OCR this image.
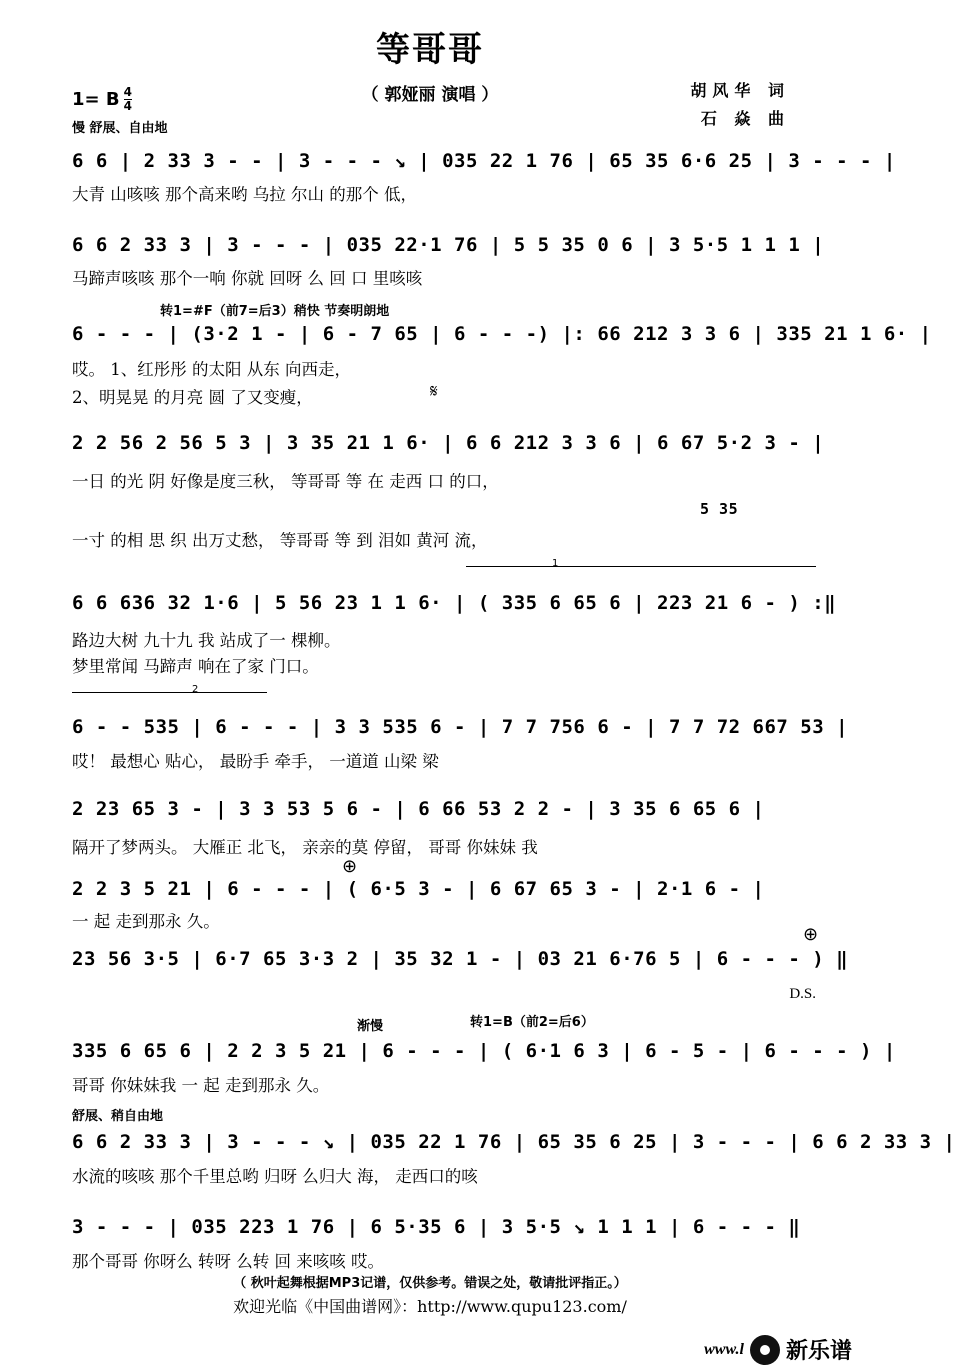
等哥哥
（ 郭娅丽 演唱 ）	胡风华 词
石 焱 曲
1= B $\frac{4}{4}$
慢 舒展、自由地
6 6 | 2 33 3 - - | 3 - - - ↘ | 035 22 1 76 | 65 35 6·6 25 | 3 - - - |
大青 山咳咳 那个高来哟 乌拉 尔山 的那个 低，
6 6 2 33 3 | 3 - - - | 035 22·1 76 | 5 5 35 0 6 | 3 5·5 1 1 1 |
马蹄声咳咳 那个一响 你就 回呀 么 回 口 里咳咳
转1=#F（前7=后3）稍快 节奏明朗地
6 - - - | (3·2 1 - | 6 - 7 65 | 6 - - -) |: 66 212 3 3 6 | 335 21 1 6· |
哎。 1、红彤彤 的太阳 从东 向西走，
2、明晃晃 的月亮 圆 了又变瘦，	𝄋
2 2 56 2 56 5 3 | 3 35 21 1 6· | 6 6 212 3 3 6 | 6 67 5·2 3 - |
一日 的光 阴 好像是度三秋， 等哥哥 等 在 走西 口 的口，
5 35
一寸 的相 思 织 出万丈愁， 等哥哥 等 到 泪如 黄河 流，
1
6 6 636 32 1·6 | 5 56 23 1 1 6· | ( 335 6 65 6 | 223 21 6 - ) :‖
路边大树 九十九 我 站成了一 棵柳。
梦里常闻 马蹄声 响在了家 门口。
2
6 - - 535 | 6 - - - | 3 3 535 6 - | 7 7 756 6 - | 7 7 72 667 53 |
哎！ 最想心 贴心， 最盼手 牵手， 一道道 山梁 梁
2 23 65 3 - | 3 3 53 5 6 - | 6 66 53 2 2 - | 3 35 6 65 6 |
隔开了梦两头。 大雁正 北飞， 亲亲的莫 停留， 哥哥 你妹妹 我
⊕
2 2 3 5 21 | 6 - - - | ( 6·5 3 - | 6 67 65 3 - | 2·1 6 - |
一 起 走到那永 久。
⊕
23 56 3·5 | 6·7 65 3·3 2 | 35 32 1 - | 03 21 6·76 5 | 6 - - - ) ‖
D.S.
渐慢	转1=B（前2=后6）
335 6 65 6 | 2 2 3 5 21 | 6 - - - | ( 6·1 6 3 | 6 - 5 - | 6 - - - ) |
哥哥 你妹妹我 一 起 走到那永 久。
舒展、稍自由地
6 6 2 33 3 | 3 - - - ↘ | 035 22 1 76 | 65 35 6 25 | 3 - - - | 6 6 2 33 3 |
水流的咳咳 那个千里总哟 归呀 么归大 海， 走西口的咳
3 - - - | 035 223 1 76 | 6 5·35 6 | 3 5·5 ↘ 1 1 1 | 6 - - - ‖
那个哥哥 你呀么 转呀 么转 回 来咳咳 哎。
（ 秋叶起舞根据MP3记谱，仅供参考。错误之处，敬请批评指正。）
欢迎光临《中国曲谱网》：http://www.qupu123.com/
www.l 新乐谱
